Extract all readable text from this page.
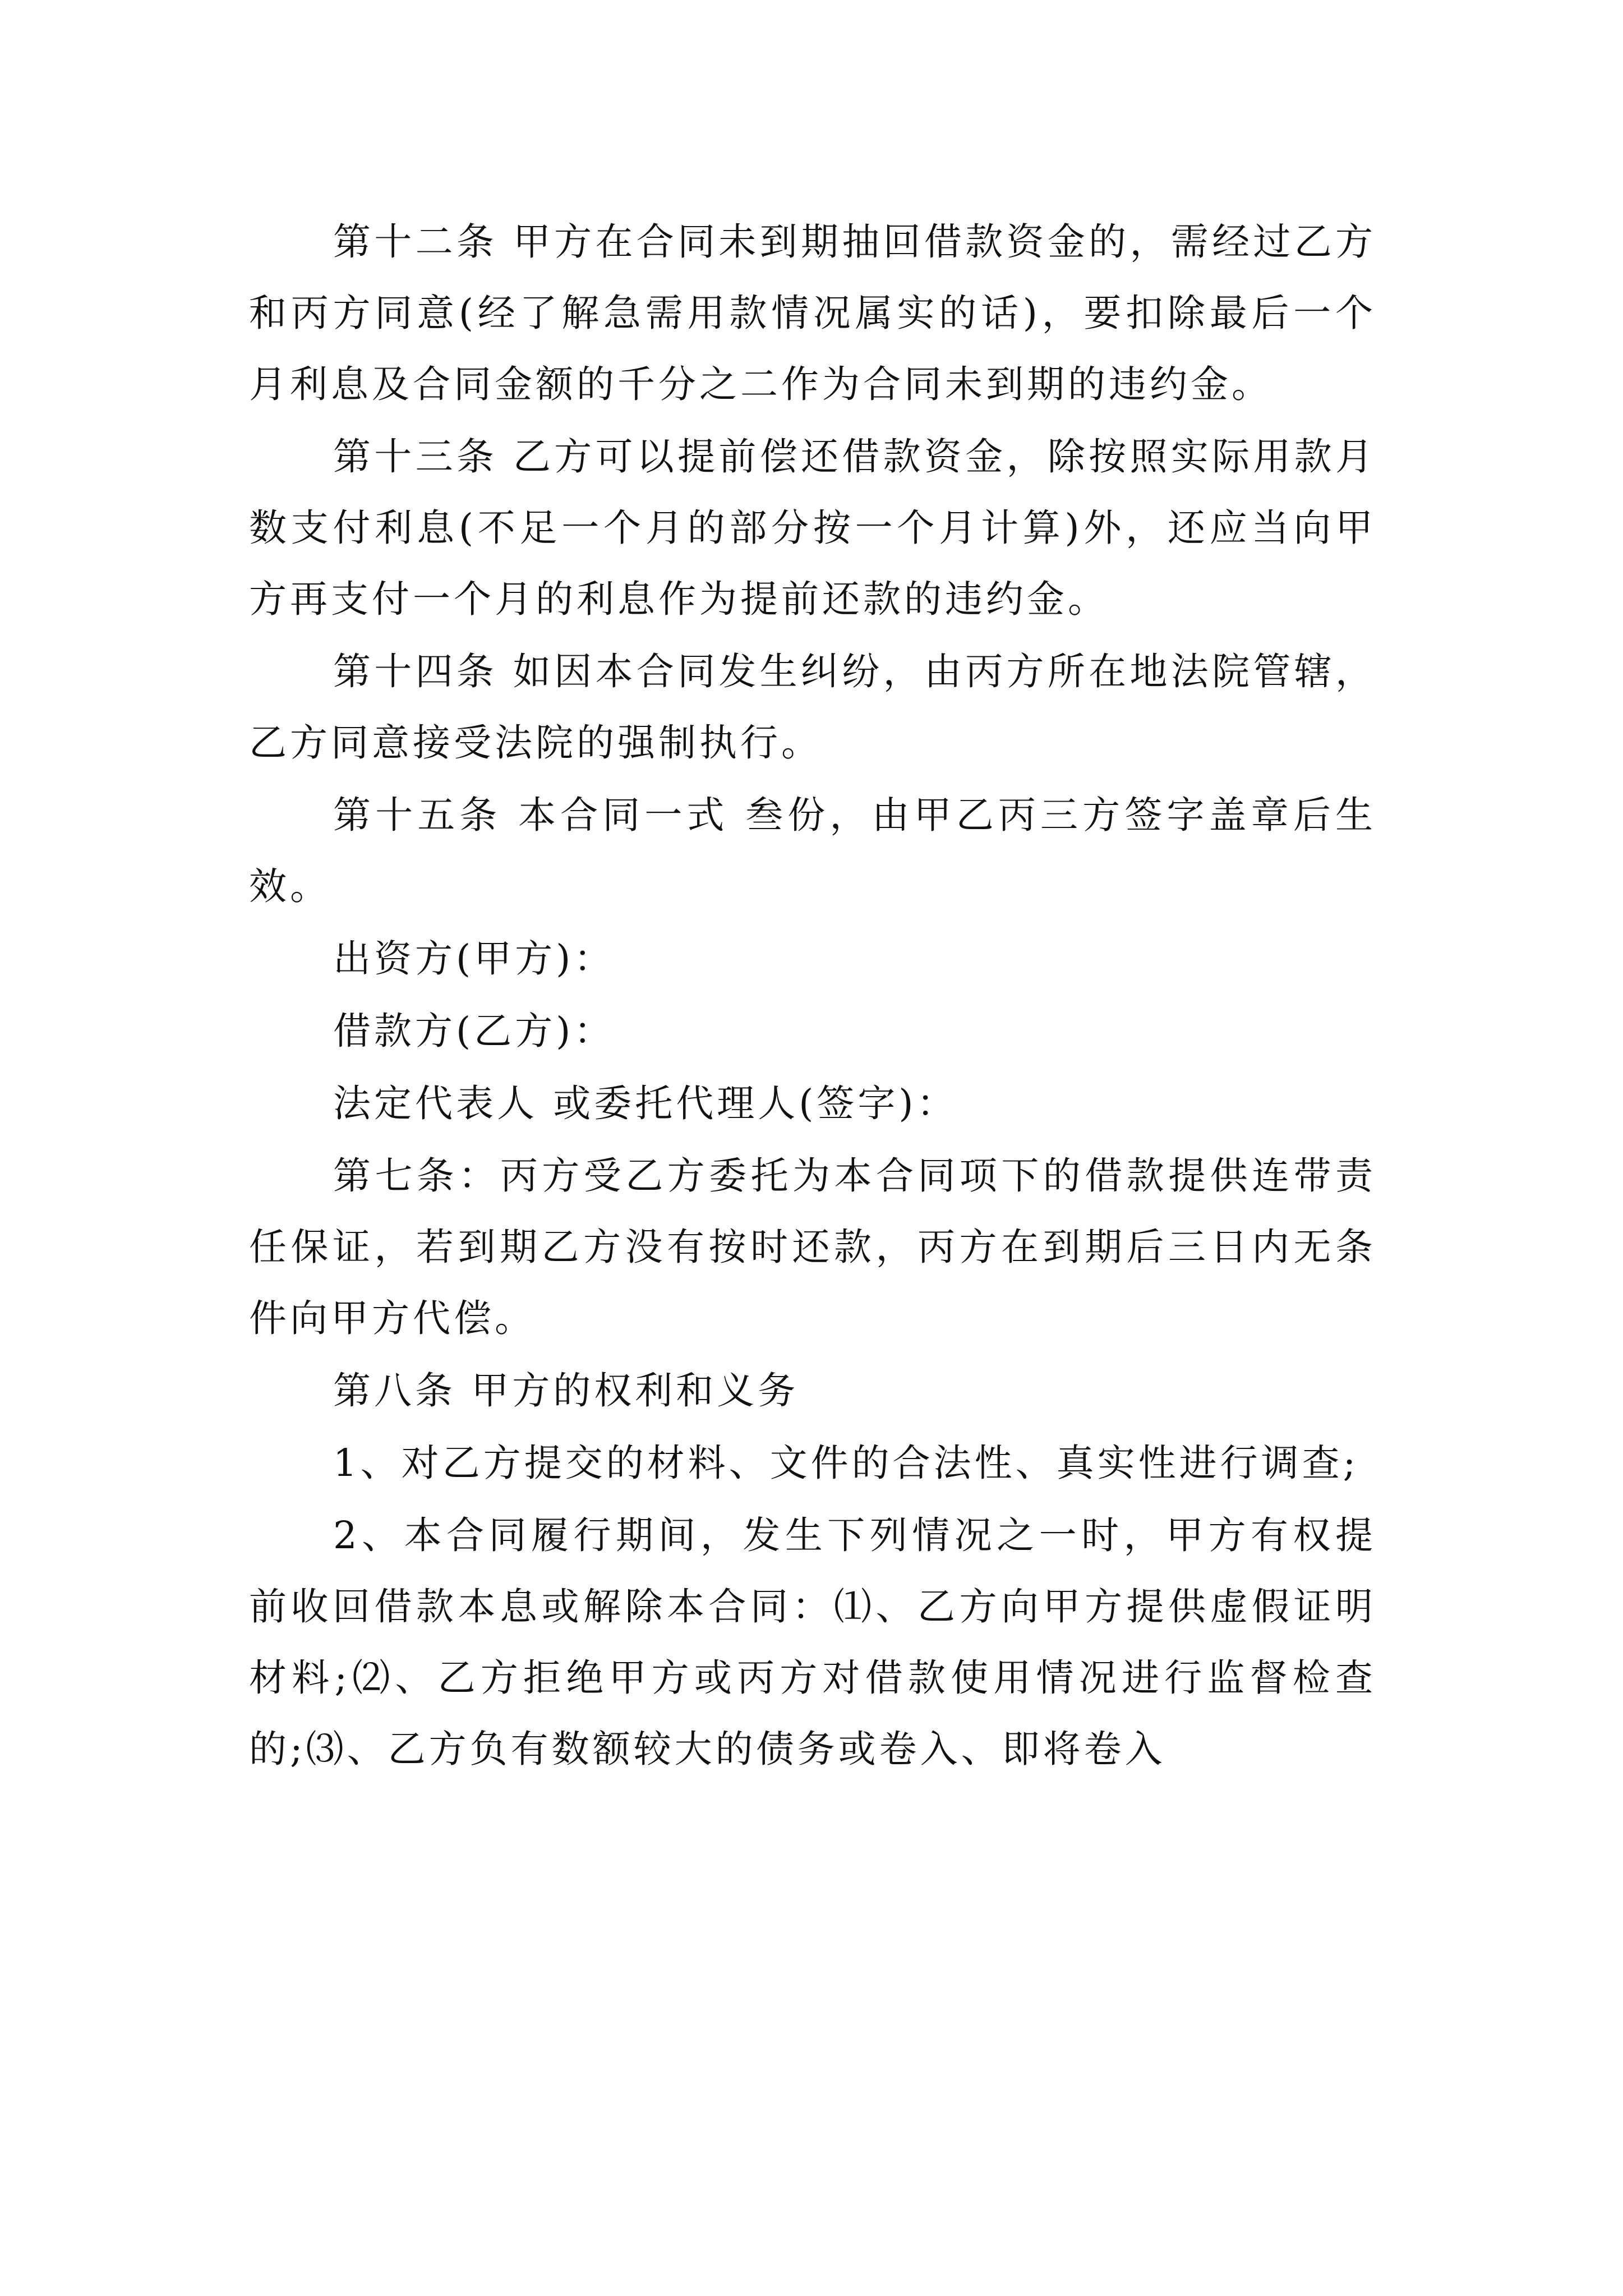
第十二条 甲方在合同未到期抽回借款资金的，需经过乙方和丙方同意(经了解急需用款情况属实的话)，要扣除最后一个月利息及合同金额的千分之二作为合同未到期的违约金。

第十三条 乙方可以提前偿还借款资金，除按照实际用款月数支付利息(不足一个月的部分按一个月计算)外，还应当向甲方再支付一个月的利息作为提前还款的违约金。

第十四条 如因本合同发生纠纷，由丙方所在地法院管辖，乙方同意接受法院的强制执行。

第十五条 本合同一式 叁份，由甲乙丙三方签字盖章后生效。

出资方(甲方)：

借款方(乙方)：

法定代表人 或委托代理人(签字)：

第七条：丙方受乙方委托为本合同项下的借款提供连带责任保证，若到期乙方没有按时还款，丙方在到期后三日内无条件向甲方代偿。

第八条 甲方的权利和义务

1、对乙方提交的材料、文件的合法性、真实性进行调查;

2、本合同履行期间，发生下列情况之一时，甲方有权提前收回借款本息或解除本合同：⑴、乙方向甲方提供虚假证明材料;⑵、乙方拒绝甲方或丙方对借款使用情况进行监督检查的;⑶、乙方负有数额较大的债务或卷入、即将卷入
